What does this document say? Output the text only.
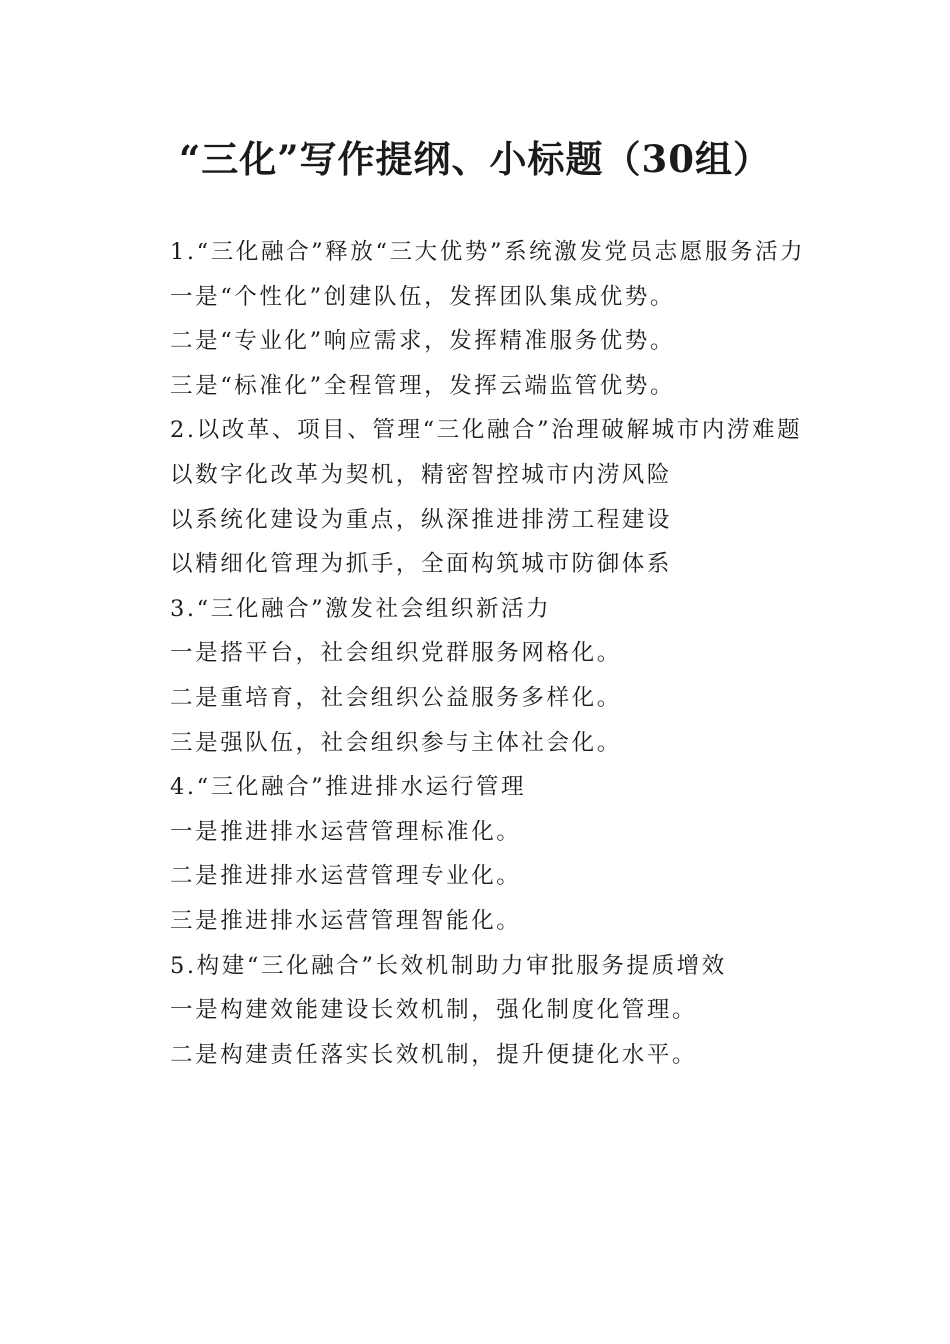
“三化”写作提纲、小标题（30组）

1.“三化融合”释放“三大优势”系统激发党员志愿服务活力

一是“个性化”创建队伍，发挥团队集成优势。

二是“专业化”响应需求，发挥精准服务优势。

三是“标准化”全程管理，发挥云端监管优势。

2.以改革、项目、管理“三化融合”治理破解城市内涝难题

以数字化改革为契机，精密智控城市内涝风险

以系统化建设为重点，纵深推进排涝工程建设

以精细化管理为抓手，全面构筑城市防御体系

3.“三化融合”激发社会组织新活力

一是搭平台，社会组织党群服务网格化。

二是重培育，社会组织公益服务多样化。

三是强队伍，社会组织参与主体社会化。

4.“三化融合”推进排水运行管理

一是推进排水运营管理标准化。

二是推进排水运营管理专业化。

三是推进排水运营管理智能化。

5.构建“三化融合”长效机制助力审批服务提质增效

一是构建效能建设长效机制，强化制度化管理。

二是构建责任落实长效机制，提升便捷化水平。
